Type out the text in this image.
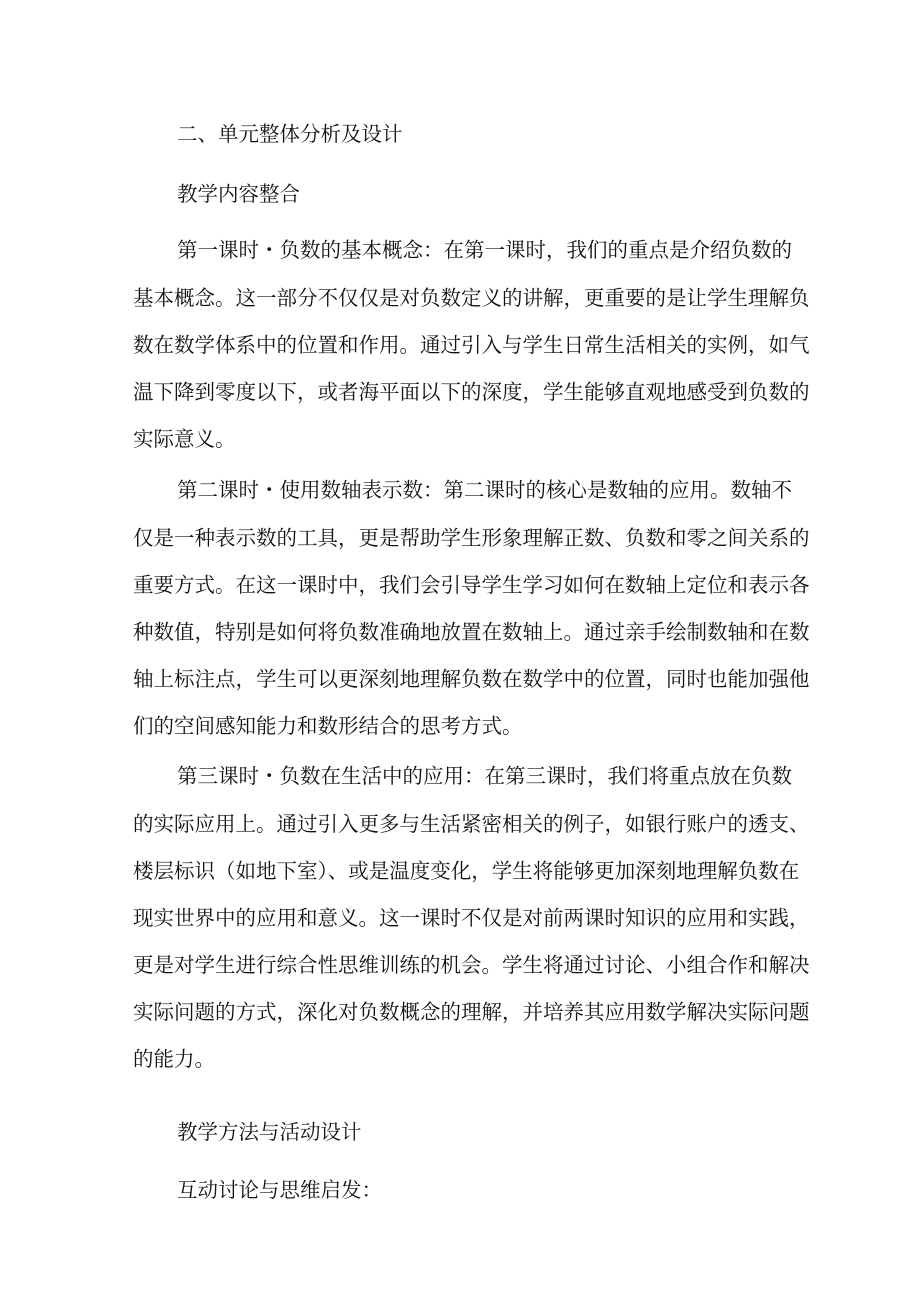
二、单元整体分析及设计
教学内容整合
第一课时・负数的基本概念：在第一课时，我们的重点是介绍负数的
基本概念。这一部分不仅仅是对负数定义的讲解，更重要的是让学生理解负
数在数学体系中的位置和作用。通过引入与学生日常生活相关的实例，如气
温下降到零度以下，或者海平面以下的深度，学生能够直观地感受到负数的
实际意义。
第二课时・使用数轴表示数：第二课时的核心是数轴的应用。数轴不
仅是一种表示数的工具，更是帮助学生形象理解正数、负数和零之间关系的
重要方式。在这一课时中，我们会引导学生学习如何在数轴上定位和表示各
种数值，特别是如何将负数准确地放置在数轴上。通过亲手绘制数轴和在数
轴上标注点，学生可以更深刻地理解负数在数学中的位置，同时也能加强他
们的空间感知能力和数形结合的思考方式。
第三课时・负数在生活中的应用：在第三课时，我们将重点放在负数
的实际应用上。通过引入更多与生活紧密相关的例子，如银行账户的透支、
楼层标识（如地下室）、或是温度变化，学生将能够更加深刻地理解负数在
现实世界中的应用和意义。这一课时不仅是对前两课时知识的应用和实践，
更是对学生进行综合性思维训练的机会。学生将通过讨论、小组合作和解决
实际问题的方式，深化对负数概念的理解，并培养其应用数学解决实际问题
的能力。
教学方法与活动设计
互动讨论与思维启发：
